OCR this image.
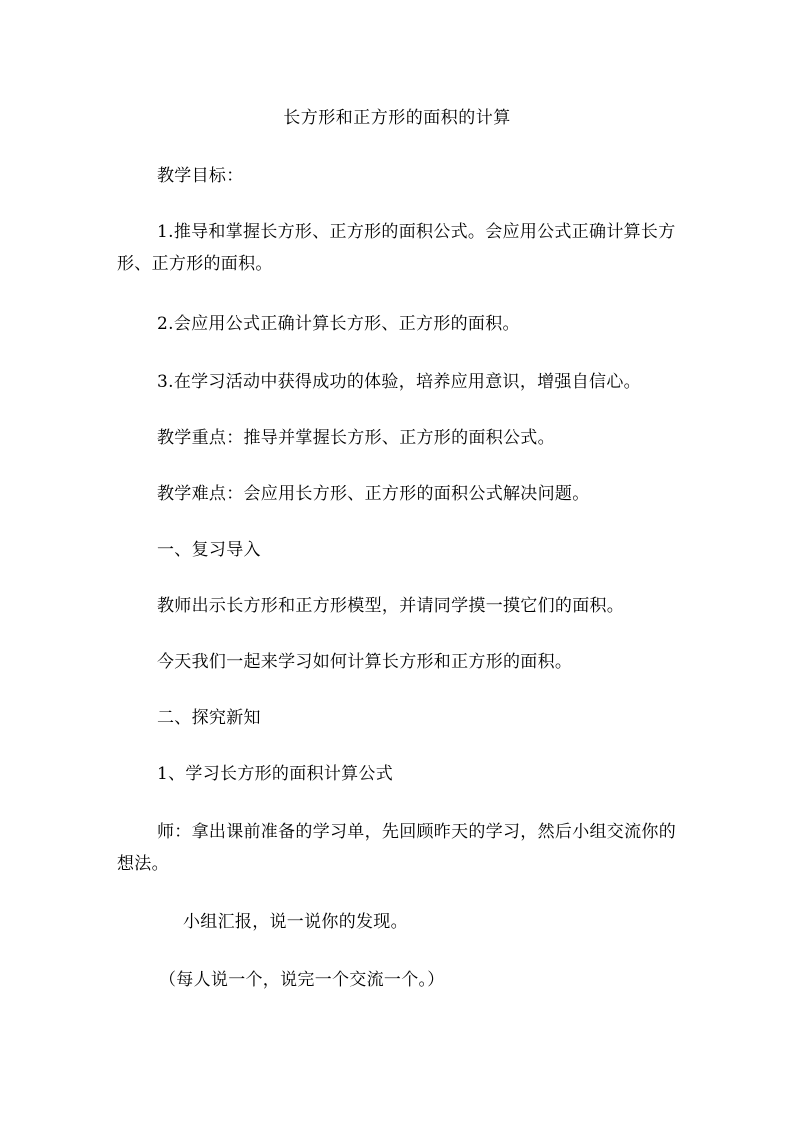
长方形和正方形的面积的计算
教学目标：
1.推导和掌握长方形、正方形的面积公式。会应用公式正确计算长方形、正方形的面积。
2.会应用公式正确计算长方形、正方形的面积。
3.在学习活动中获得成功的体验，培养应用意识，增强自信心。
教学重点：推导并掌握长方形、正方形的面积公式。
教学难点：会应用长方形、正方形的面积公式解决问题。
一、复习导入
教师出示长方形和正方形模型，并请同学摸一摸它们的面积。
今天我们一起来学习如何计算长方形和正方形的面积。
二、探究新知
1、学习长方形的面积计算公式
师：拿出课前准备的学习单，先回顾昨天的学习，然后小组交流你的想法。
小组汇报，说一说你的发现。
（每人说一个，说完一个交流一个。）
